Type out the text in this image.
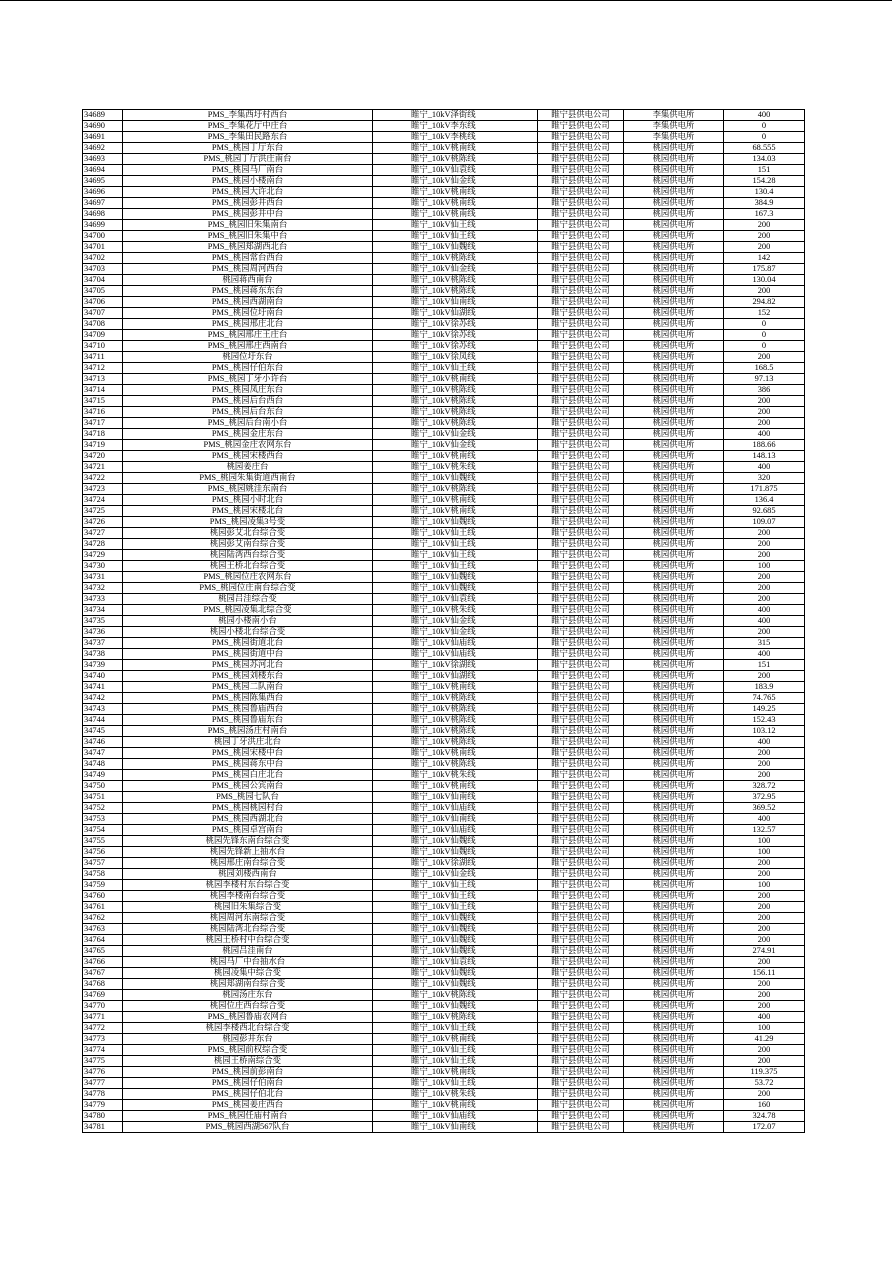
34689	PMS_李集西圩村西台	睢宁_10kV泽街线	睢宁县供电公司	李集供电所	400
34690	PMS_李集花厅中庄台	睢宁_10kV李东线	睢宁县供电公司	李集供电所	0
34691	PMS_李集田民路东台	睢宁_10kV李桃线	睢宁县供电公司	李集供电所	0
34692	PMS_桃园丁厅东台	睢宁_10kV桃南线	睢宁县供电公司	桃园供电所	68.555
34693	PMS_桃园丁厅洪庄南台	睢宁_10kV桃陈线	睢宁县供电公司	桃园供电所	134.03
34694	PMS_桃园马厂南台	睢宁_10kV仙袁线	睢宁县供电公司	桃园供电所	151
34695	PMS_桃园小楼南台	睢宁_10kV仙金线	睢宁县供电公司	桃园供电所	154.28
34696	PMS_桃园大许北台	睢宁_10kV桃南线	睢宁县供电公司	桃园供电所	130.4
34697	PMS_桃园彭井西台	睢宁_10kV桃南线	睢宁县供电公司	桃园供电所	384.9
34698	PMS_桃园彭井中台	睢宁_10kV桃南线	睢宁县供电公司	桃园供电所	167.3
34699	PMS_桃园旧朱集南台	睢宁_10kV仙王线	睢宁县供电公司	桃园供电所	200
34700	PMS_桃园旧朱集中台	睢宁_10kV仙王线	睢宁县供电公司	桃园供电所	200
34701	PMS_桃园郑湖西北台	睢宁_10kV仙魏线	睢宁县供电公司	桃园供电所	200
34702	PMS_桃园常台西台	睢宁_10kV桃陈线	睢宁县供电公司	桃园供电所	142
34703	PMS_桃园周河西台	睢宁_10kV仙金线	睢宁县供电公司	桃园供电所	175.87
34704	桃园蒋西南台	睢宁_10kV桃陈线	睢宁县供电公司	桃园供电所	130.04
34705	PMS_桃园蒋东东台	睢宁_10kV桃陈线	睢宁县供电公司	桃园供电所	200
34706	PMS_桃园西湖南台	睢宁_10kV仙南线	睢宁县供电公司	桃园供电所	294.82
34707	PMS_桃园位圩南台	睢宁_10kV仙湖线	睢宁县供电公司	桃园供电所	152
34708	PMS_桃园邢庄北台	睢宁_10kV徐苏线	睢宁县供电公司	桃园供电所	0
34709	PMS_桃园邢庄王庄台	睢宁_10kV徐苏线	睢宁县供电公司	桃园供电所	0
34710	PMS_桃园邢庄西南台	睢宁_10kV徐苏线	睢宁县供电公司	桃园供电所	0
34711	桃园位圩东台	睢宁_10kV徐凤线	睢宁县供电公司	桃园供电所	200
34712	PMS_桃园仔伯东台	睢宁_10kV仙王线	睢宁县供电公司	桃园供电所	168.5
34713	PMS_桃园丁牙小许台	睢宁_10kV桃南线	睢宁县供电公司	桃园供电所	97.13
34714	PMS_桃园凤庄东台	睢宁_10kV桃陈线	睢宁县供电公司	桃园供电所	386
34715	PMS_桃园后台西台	睢宁_10kV桃陈线	睢宁县供电公司	桃园供电所	200
34716	PMS_桃园后台东台	睢宁_10kV桃陈线	睢宁县供电公司	桃园供电所	200
34717	PMS_桃园后台南小台	睢宁_10kV桃陈线	睢宁县供电公司	桃园供电所	200
34718	PMS_桃园金庄东台	睢宁_10kV仙金线	睢宁县供电公司	桃园供电所	400
34719	PMS_桃园金庄农网东台	睢宁_10kV仙金线	睢宁县供电公司	桃园供电所	188.66
34720	PMS_桃园宋楼西台	睢宁_10kV桃南线	睢宁县供电公司	桃园供电所	148.13
34721	桃园姜庄台	睢宁_10kV桃朱线	睢宁县供电公司	桃园供电所	400
34722	PMS_桃园朱集街道西南台	睢宁_10kV仙魏线	睢宁县供电公司	桃园供电所	320
34723	PMS_桃园姚洼东南台	睢宁_10kV桃陈线	睢宁县供电公司	桃园供电所	171.875
34724	PMS_桃园小时北台	睢宁_10kV桃南线	睢宁县供电公司	桃园供电所	136.4
34725	PMS_桃园宋楼北台	睢宁_10kV桃南线	睢宁县供电公司	桃园供电所	92.685
34726	PMS_桃园凌集3号变	睢宁_10kV仙魏线	睢宁县供电公司	桃园供电所	109.07
34727	桃园彭艾北台综合变	睢宁_10kV仙王线	睢宁县供电公司	桃园供电所	200
34728	桃园彭艾南台综合变	睢宁_10kV仙王线	睢宁县供电公司	桃园供电所	200
34729	桃园陆湾西台综合变	睢宁_10kV仙王线	睢宁县供电公司	桃园供电所	200
34730	桃园王桥北台综合变	睢宁_10kV仙王线	睢宁县供电公司	桃园供电所	100
34731	PMS_桃园位庄农网东台	睢宁_10kV仙魏线	睢宁县供电公司	桃园供电所	200
34732	PMS_桃园位庄南台综合变	睢宁_10kV仙魏线	睢宁县供电公司	桃园供电所	200
34733	桃园吕洼综合变	睢宁_10kV仙袁线	睢宁县供电公司	桃园供电所	200
34734	PMS_桃园凌集北综合变	睢宁_10kV桃朱线	睢宁县供电公司	桃园供电所	400
34735	桃园小楼南小台	睢宁_10kV仙金线	睢宁县供电公司	桃园供电所	400
34736	桃园小楼北台综合变	睢宁_10kV仙金线	睢宁县供电公司	桃园供电所	200
34737	PMS_桃园街道北台	睢宁_10kV仙庙线	睢宁县供电公司	桃园供电所	315
34738	PMS_桃园街道中台	睢宁_10kV仙庙线	睢宁县供电公司	桃园供电所	400
34739	PMS_桃园苏河北台	睢宁_10kV徐湖线	睢宁县供电公司	桃园供电所	151
34740	PMS_桃园刘楼东台	睢宁_10kV仙湖线	睢宁县供电公司	桃园供电所	200
34741	PMS_桃园二队南台	睢宁_10kV桃南线	睢宁县供电公司	桃园供电所	183.9
34742	PMS_桃园陈集西台	睢宁_10kV桃陈线	睢宁县供电公司	桃园供电所	74.765
34743	PMS_桃园鲁庙西台	睢宁_10kV桃陈线	睢宁县供电公司	桃园供电所	149.25
34744	PMS_桃园鲁庙东台	睢宁_10kV桃陈线	睢宁县供电公司	桃园供电所	152.43
34745	PMS_桃园汤庄村南台	睢宁_10kV桃陈线	睢宁县供电公司	桃园供电所	103.12
34746	桃园丁牙洪庄北台	睢宁_10kV桃陈线	睢宁县供电公司	桃园供电所	400
34747	PMS_桃园宋楼中台	睢宁_10kV桃南线	睢宁县供电公司	桃园供电所	200
34748	PMS_桃园蒋东中台	睢宁_10kV桃陈线	睢宁县供电公司	桃园供电所	200
34749	PMS_桃园白庄北台	睢宁_10kV桃朱线	睢宁县供电公司	桃园供电所	200
34750	PMS_桃园公宾南台	睢宁_10kV桃南线	睢宁县供电公司	桃园供电所	328.72
34751	PMS_桃园七队台	睢宁_10kV仙南线	睢宁县供电公司	桃园供电所	372.95
34752	PMS_桃园桃园村台	睢宁_10kV仙庙线	睢宁县供电公司	桃园供电所	369.52
34753	PMS_桃园西湖北台	睢宁_10kV仙南线	睢宁县供电公司	桃园供电所	400
34754	PMS_桃园卓宫南台	睢宁_10kV仙庙线	睢宁县供电公司	桃园供电所	132.57
34755	桃园先锋东南台综合变	睢宁_10kV仙魏线	睢宁县供电公司	桃园供电所	100
34756	桃园先锋新上抽水台	睢宁_10kV仙魏线	睢宁县供电公司	桃园供电所	100
34757	桃园邢庄南台综合变	睢宁_10kV徐湖线	睢宁县供电公司	桃园供电所	200
34758	桃园刘楼西南台	睢宁_10kV仙金线	睢宁县供电公司	桃园供电所	200
34759	桃园李楼村东台综合变	睢宁_10kV仙王线	睢宁县供电公司	桃园供电所	100
34760	桃园李楼南台综合变	睢宁_10kV仙王线	睢宁县供电公司	桃园供电所	200
34761	桃园旧朱集综合变	睢宁_10kV仙王线	睢宁县供电公司	桃园供电所	200
34762	桃园周河东南综合变	睢宁_10kV仙魏线	睢宁县供电公司	桃园供电所	200
34763	桃园陆湾北台综合变	睢宁_10kV仙魏线	睢宁县供电公司	桃园供电所	200
34764	桃园王桥村中台综合变	睢宁_10kV仙魏线	睢宁县供电公司	桃园供电所	200
34765	桃园吕洼南台	睢宁_10kV仙魏线	睢宁县供电公司	桃园供电所	274.91
34766	桃园马厂中台抽水台	睢宁_10kV仙袁线	睢宁县供电公司	桃园供电所	200
34767	桃园凌集中综合变	睢宁_10kV仙魏线	睢宁县供电公司	桃园供电所	156.11
34768	桃园郑湖南台综合变	睢宁_10kV仙魏线	睢宁县供电公司	桃园供电所	200
34769	桃园汤庄东台	睢宁_10kV桃陈线	睢宁县供电公司	桃园供电所	200
34770	桃园位庄西台综合变	睢宁_10kV仙魏线	睢宁县供电公司	桃园供电所	200
34771	PMS_桃园鲁庙农网台	睢宁_10kV桃陈线	睢宁县供电公司	桃园供电所	400
34772	桃园李楼西北台综合变	睢宁_10kV仙王线	睢宁县供电公司	桃园供电所	100
34773	桃园彭井东台	睢宁_10kV桃南线	睢宁县供电公司	桃园供电所	41.29
34774	PMS_桃园前权综合变	睢宁_10kV仙王线	睢宁县供电公司	桃园供电所	200
34775	桃园王桥南综合变	睢宁_10kV仙王线	睢宁县供电公司	桃园供电所	200
34776	PMS_桃园前彭南台	睢宁_10kV桃南线	睢宁县供电公司	桃园供电所	119.375
34777	PMS_桃园仔伯南台	睢宁_10kV仙王线	睢宁县供电公司	桃园供电所	53.72
34778	PMS_桃园仔伯北台	睢宁_10kV桃朱线	睢宁县供电公司	桃园供电所	200
34779	PMS_桃园姜庄西台	睢宁_10kV桃南线	睢宁县供电公司	桃园供电所	160
34780	PMS_桃园任庙村南台	睢宁_10kV仙庙线	睢宁县供电公司	桃园供电所	324.78
34781	PMS_桃园西湖567队台	睢宁_10kV仙南线	睢宁县供电公司	桃园供电所	172.07
